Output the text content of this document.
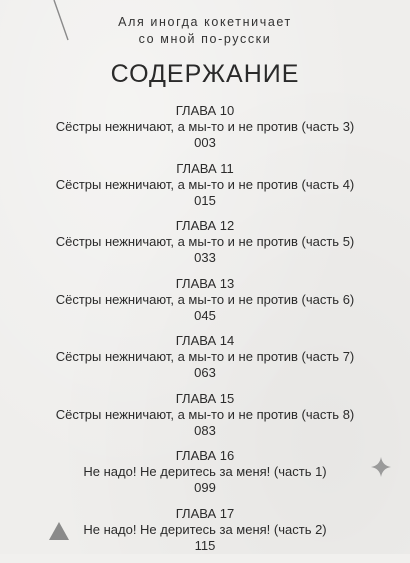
Аля иногда кокетничает
со мной по-русски
СОДЕРЖАНИЕ
ГЛАВА 10
Сёстры нежничают, а мы-то и не против (часть 3)
003
ГЛАВА 11
Сёстры нежничают, а мы-то и не против (часть 4)
015
ГЛАВА 12
Сёстры нежничают, а мы-то и не против (часть 5)
033
ГЛАВА 13
Сёстры нежничают, а мы-то и не против (часть 6)
045
ГЛАВА 14
Сёстры нежничают, а мы-то и не против (часть 7)
063
ГЛАВА 15
Сёстры нежничают, а мы-то и не против (часть 8)
083
ГЛАВА 16
Не надо! Не деритесь за меня! (часть 1)
099
ГЛАВА 17
Не надо! Не деритесь за меня! (часть 2)
115
